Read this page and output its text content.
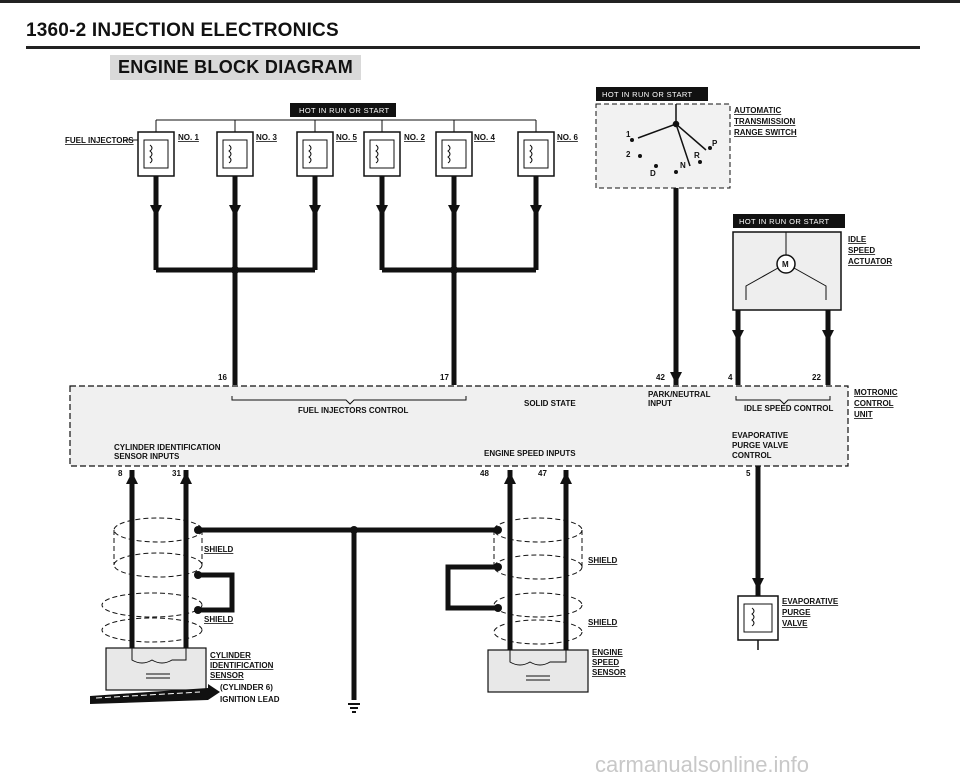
1360-2 INJECTION ELECTRONICS
ENGINE BLOCK DIAGRAM
FUEL INJECTORS	NO. 1	NO. 3	NO. 5	NO. 2	NO. 4	NO. 6
HOT IN RUN OR START
16	17
HOT IN RUN OR START
1
2
D
N
R
P
AUTOMATIC
TRANSMISSION
RANGE SWITCH
42
HOT IN RUN OR START
M
IDLE
SPEED
ACTUATOR
4	22
MOTRONIC
CONTROL
UNIT
FUEL INJECTORS CONTROL
SOLID STATE
PARK/NEUTRAL
INPUT
IDLE SPEED CONTROL
EVAPORATIVE
PURGE VALVE
CONTROL
CYLINDER IDENTIFICATION
SENSOR INPUTS	ENGINE SPEED INPUTS
8	31	48	47	5
SHIELD
SHIELD
CYLINDER
IDENTIFICATION
SENSOR
(CYLINDER 6)
IGNITION LEAD
SHIELD
SHIELD
ENGINE
SPEED
SENSOR
EVAPORATIVE
PURGE
VALVE
carmanualsonline.info
